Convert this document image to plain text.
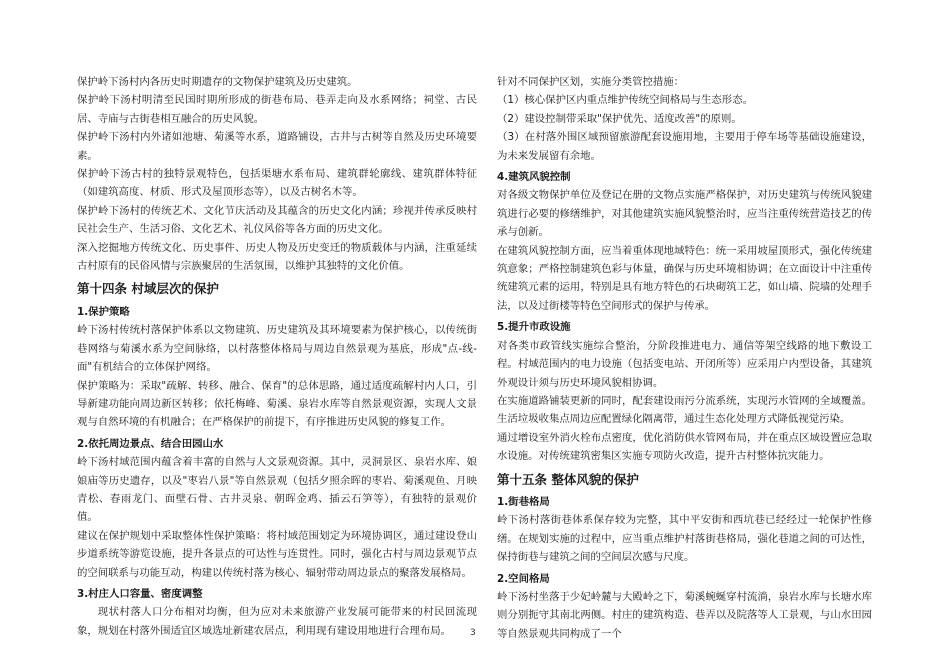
保护岭下汤村内各历史时期遗存的文物保护建筑及历史建筑。

保护岭下汤村明清至民国时期所形成的街巷布局、巷弄走向及水系网络；祠堂、古民居、寺庙与古街巷相互融合的历史风貌。

保护岭下汤村内外诸如池塘、菊溪等水系，道路铺设，古井与古树等自然及历史环境要素。

保护岭下汤古村的独特景观特色，包括渠塘水系布局、建筑群轮廓线、建筑群体特征（如建筑高度、材质、形式及屋顶形态等），以及古树名木等。

保护岭下汤村的传统艺术、文化节庆活动及其蕴含的历史文化内涵；珍视并传承反映村民社会生产、生活习俗、文化艺术、礼仪风俗等各方面的历史文化。

深入挖掘地方传统文化、历史事件、历史人物及历史变迁的物质载体与内涵，注重延续古村原有的民俗风情与宗族聚居的生活氛围，以维护其独特的文化价值。

第十四条 村域层次的保护

1.保护策略

岭下汤村传统村落保护体系以文物建筑、历史建筑及其环境要素为保护核心，以传统街巷网络与菊溪水系为空间脉络，以村落整体格局与周边自然景观为基底，形成"点-线-面"有机结合的立体保护网络。

保护策略为：采取"疏解、转移、融合、保育"的总体思路，通过适度疏解村内人口，引导新建功能向周边新区转移；依托梅峰、菊溪、泉岩水库等自然景观资源，实现人文景观与自然环境的有机融合；在严格保护的前提下，有序推进历史风貌的修复工作。

2.依托周边景点、结合田园山水

岭下汤村域范围内蕴含着丰富的自然与人文景观资源。其中，灵洞景区、泉岩水库、娘娘庙等历史遗存，以及"枣岩八景"等自然景观（包括夕照余晖的枣岩、菊溪观鱼、月映青松、春雨龙门、面壁石骨、古井灵泉、朝晖金鸡、插云石笋等），有独特的景观价值。

建议在保护规划中采取整体性保护策略：将村域范围划定为环境协调区，通过建设登山步道系统等游览设施，提升各景点的可达性与连贯性。同时，强化古村与周边景观节点的空间联系与功能互动，构建以传统村落为核心、辐射带动周边景点的聚落发展格局。

3.村庄人口容量、密度调整

现状村落人口分布相对均衡，但为应对未来旅游产业发展可能带来的村民回流现象，规划在村落外围适宜区域选址新建农居点，利用现有建设用地进行合理布局。

针对不同保护区划，实施分类管控措施：

（1）核心保护区内重点维护传统空间格局与生态形态。

（2）建设控制带采取"保护优先、适度改善"的原则。

（3）在村落外围区域预留旅游配套设施用地，主要用于停车场等基础设施建设，为未来发展留有余地。

4.建筑风貌控制

对各级文物保护单位及登记在册的文物点实施严格保护，对历史建筑与传统风貌建筑进行必要的修缮维护，对其他建筑实施风貌整治时，应当注重传统营造技艺的传承与创新。

在建筑风貌控制方面，应当着重体现地域特色：统一采用坡屋顶形式，强化传统建筑意象；严格控制建筑色彩与体量，确保与历史环境相协调；在立面设计中注重传统建筑元素的运用，特别是具有地方特色的石块砌筑工艺，如山墙、院墙的处理手法，以及过街楼等特色空间形式的保护与传承。

5.提升市政设施

对各类市政管线实施综合整治，分阶段推进电力、通信等架空线路的地下敷设工程。村域范围内的电力设施（包括变电站、开闭所等）应采用户内型设备，其建筑外观设计须与历史环境风貌相协调。

在实施道路铺装更新的同时，配套建设雨污分流系统，实现污水管网的全域覆盖。生活垃圾收集点周边应配置绿化隔离带，通过生态化处理方式降低视觉污染。

通过增设室外消火栓布点密度，优化消防供水管网布局，并在重点区域设置应急取水设施。对传统建筑密集区实施专项防火改造，提升古村整体抗灾能力。

第十五条 整体风貌的保护

1.街巷格局

岭下汤村落街巷体系保存较为完整，其中平安街和西坑巷已经经过一轮保护性修缮。在规划实施的过程中，应当重点维护村落街巷格局，强化巷道之间的可达性，保持街巷与建筑之间的空间层次感与尺度。

2.空间格局

岭下汤村坐落于少妃岭麓与大殿岭之下，菊溪蜿蜒穿村流淌，泉岩水库与长塘水库则分别扼守其南北两侧。村庄的建筑构造、巷弄以及院落等人工景观，与山水田园等自然景观共同构成了一个

3
